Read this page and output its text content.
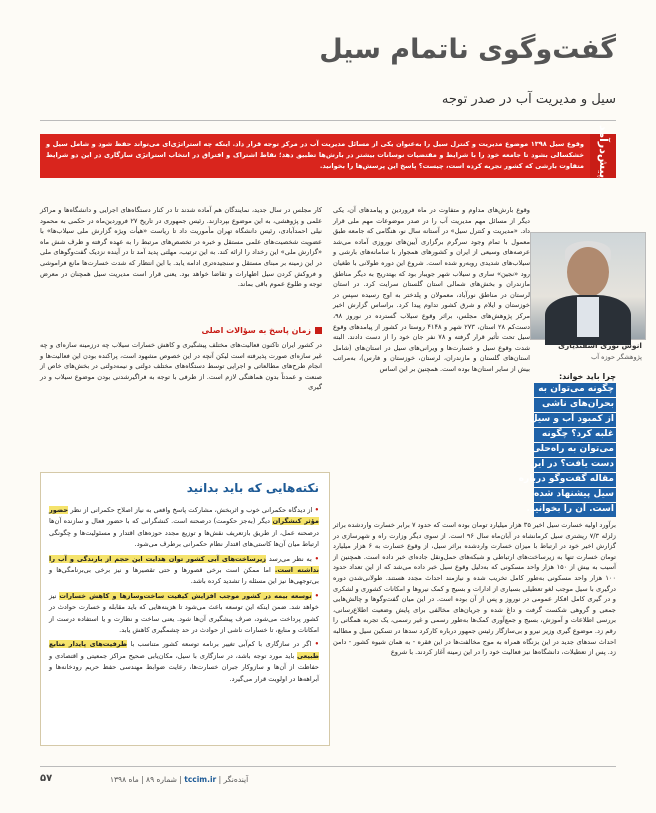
گفت‌وگوی ناتمام سیل
سیل و مدیریت آب در صدر توجه
پیش‌درآمد
وقوع سیل ۱۳۹۸ موضوع مدیریت و کنترل سیل را به‌عنوان یکی از مسائل مدیریت آب در مرکز توجه قرار داد. اینکه چه استراتژی‌ای می‌تواند حفظ شود و شامل سیل و خشکسالی بشود تا جامعه خود را با شرایط و مقتضیات نوسانات بیشتر در بارش‌ها تطبیق دهد؛ نقاط اشتراک و افتراق در انتخاب استراتژی سازگاری در این دو شرایط متفاوت بارشی که کشور تجربه کرده است، چیست؟ پاسخ این پرسش‌ها را بخوانید.

وقوع بارش‌های مداوم و متفاوت در ماه فروردین و پیامدهای آن، یکی دیگر از مسائل مهم مدیریت آب را در صدر موضوعات مهم ملی قرار داد. «مدیریت و کنترل سیل» در آستانه سال نو، هنگامی که جامعه طبق معمول با تمام وجود سرگرم برگزاری آیین‌های نوروزی آماده می‌شد عرصه‌های وسیعی از ایران و کشورهای همجوار با سامانه‌های بارشی و سیلاب‌های شدیدی روبه‌رو شده است. شروع این دوره طولانی با طغیان رود «نجین» ساری و سیلاب شهر جویبار بود که بهتدریج به دیگر مناطق مازندران و بخش‌های شمالی استان گلستان سرایت کرد. در استان لرستان در مناطق نورآباد، معمولان و پلدختر به اوج رسیده سپس در خوزستان و ایلام و شرق کشور تداوم پیدا کرد. براساس گزارش اخیر مرکز پژوهش‌های مجلس، براثر وقوع سیلاب گسترده در نوروز ۹۸، دست‌کم ۲۸ استان، ۲۷۳ شهر و ۴۱۴۸ روستا در کشور از پیامدهای وقوع سیل تحت تأثیر قرار گرفته و ۷۸ نفر جان خود را از دست دادند. البته شدت وقوع سیل و خسارت‌ها و ویرانی‌های سیل در استان‌های (شامل استان‌های گلستان و مازندران، لرستان، خوزستان و فارس)، به‌مراتب بیش از سایر استان‌ها بوده است. همچنین بر این اساس

انوش نوری اسفندیاری
پژوهشگر حوزه آب
چرا باید خواند:
چگونه می‌توان به
بحران‌های ناشی
از کمبود آب و سیل
غلبه کرد؟ چگونه
می‌توان به راه‌حلی
دست یافت؟ در این
مقاله گفت‌وگو درباره
سیل پیشنهاد شده
است. آن را بخوانید.

برآورد اولیه خسارت سیل اخیر ۳۵ هزار میلیارد تومان بوده است که حدود ۷ برابر خسارت واردشده براثر زلزله ۷/۳ ریشتری سیل کرمانشاه در آبان‌ماه سال ۹۶ است. از سوی دیگر وزارت راه و شهرسازی در گزارش اخیر خود در ارتباط با میزان خسارت واردشده براثر سیل، از وقوع خسارت به ۶ هزار میلیارد تومان خسارت تنها به زیرساخت‌های ارتباطی و شبکه‌های حمل‌ونقل جاده‌ای خبر داده است. همچنین از آسیب به بیش از ۱۵۰ هزار واحد مسکونی که به‌دلیل وقوع سیل خبر داده می‌شد که از این تعداد حدود ۱۰۰ هزار واحد مسکونی به‌طور کامل تخریب شده و نیازمند احداث مجدد هستند. طولانی‌شدن دوره درگیری با سیل موجب لغو تعطیلی بسیاری از ادارات و بسیج و کمک نیروها و امکانات کشوری و لشکری و در گیری کامل افکار عمومی در نوروز و پس از آن بوده است. در این میان گفت‌وگوها و چالش‌هایی جمعی و گروهی شکست گرفت و داغ شده و جریان‌های مخالفی برای پایش وضعیت اطلاع‌رسانی، بررسی اطلاعات و آموزش، بسیج و جمع‌آوری کمک‌ها به‌طور رسمی و غیر رسمی، یک تجربه همگانی را رقم زد. موضوع گیری وزیر نیرو و بی‌سازگار رئیس جمهور درباره کارکرد سدها در تسکین سیل و مطالبه احداث سدهای جدید در این بزنگاه همراه به موج مخالفت‌ها در این فقره - به همان شیوه کشور - دامن زد. پس از تعطیلات، دانشگاه‌ها نیز فعالیت خود را در این زمینه آغاز کردند. با شروع

کار مجلس در سال جدید، نمایندگان هم آماده شدند تا در کنار دستگاه‌های اجرایی و دانشگاه‌ها و مراکز علمی و پژوهشی، به این موضوع بپردازند. رئیس جمهوری در تاریخ ۲۷ فروردین‌ماه در حکمی به محمود نیلی احمدآبادی، رئیس دانشگاه تهران مأموریت داد تا ریاست «هیأت ویژه گزارش ملی سیلاب‌ها» با عضویت شخصیت‌های علمی مستقل و خبره در تخصص‌های مرتبط را به عهده گرفته و ظرف شش ماه «گزارش ملی» این رخداد را ارائه کند. به این ترتیب، مهلتی پدید آمد تا در آینده نزدیک گفت‌وگوهای ملی در این زمینه بر مبنای مستقل و سنجیده‌تری ادامه یابد. با این انتظار که شدت خسارت‌ها مانع فراموشی و فروکش کردن سیل اظهارات و تقاضا خواهد بود. یعنی قرار است مدیریت سیل همچنان در معرض توجه و طلوع عموم باقی بماند.

زمان پاسخ به سؤالات اصلی

در کشور ایران تاکنون فعالیت‌های مختلف پیشگیری و کاهش خسارات سیلاب چه درزمینه سازه‌ای و چه غیر سازه‌ای صورت پذیرفته است لیکن آنچه در این خصوص مشهود است، پراکنده بودن این فعالیت‌ها و انجام طرح‌های مطالعاتی و اجرایی توسط دستگاه‌های مختلف دولتی و نیمه‌دولتی در بخش‌های خاص از صنعت و عمدتاً بدون هماهنگی لازم است. از طرفی با توجه به فراگیرشدنی بودن موضوع سیلاب و در گیری

نکته‌هایی که باید بدانید
• از دیدگاه حکمرانی خوب و اثربخش، مشارکت پاسخ واقعی به نیاز اصلاح حکمرانی از نظر حضور مؤثر کنشگران دیگر (به‌جز حکومت) درصحنه است. کنشگرانی که با حضور فعال و سازنده آن‌ها درصحنه عمل، از طریق بازتعریف نقش‌ها و توزیع مجدد حوزه‌های اقتدار و مسئولیت‌ها و چگونگی ارتباط میان آن‌ها کاستی‌های اقتدار نظام حکمرانی برطرف می‌شود.
• به نظر می‌رسد زیرساخت‌های آبی کشور توان هدایت این حجم از بارندگی و آب را نداشته است. اما ممکن است برخی قصورها و حتی تقصیرها و نیز برخی بی‌برنامگی‌ها و بی‌توجهی‌ها نیز این مسئله را تشدید کرده باشد.
• توسعه بیمه در کشور موجب افزایش کیفیت ساخت‌وسازها و کاهش خسارات نیز خواهد شد. ضمن اینکه این توسعه باعث می‌شود تا هزینه‌هایی که باید مقابله و خسارت حوادث در کشور پرداخت می‌شود، صرف پیشگیری آن‌ها شود. یعنی ساخت و نظارت و یا استفاده درست از امکانات و منابع، تا خسارات ناشی از حوادث در حد چشمگیری کاهش یابد.
• اگر در سازگاری با کم‌آبی تغییر برنامه توسعه کشور متناسب با ظرفیت‌های پایدار منابع طبیعی باید مورد توجه باشد، در سازگاری با سیل، مکان‌یابی صحیح مراکز جمعیتی و اقتصادی و حفاظت از آن‌ها و سازوکار جبران خسارت‌ها، رعایت ضوابط مهندسی حفظ حریم رودخانه‌ها و آبراهه‌ها در اولویت قرار می‌گیرد.
۵۷	شماره ۸۹ | ماه ۱۳۹۸ | tccim.ir | آینده‌نگر
